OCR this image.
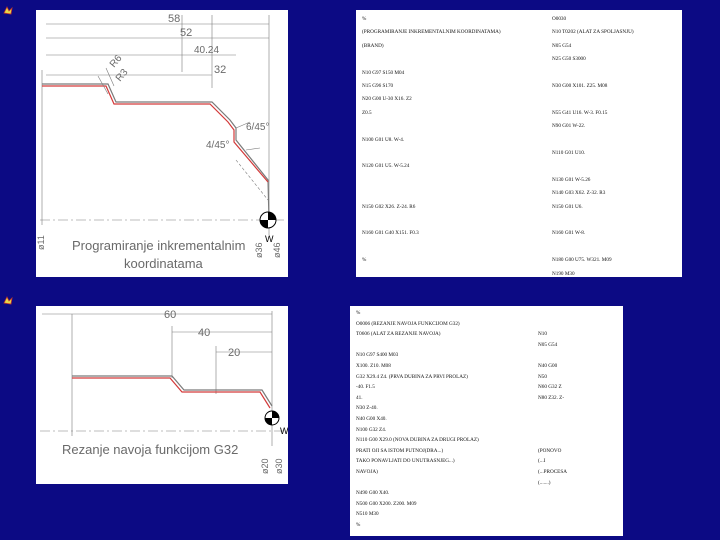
58
52
40.24
32
R6
R3
6/45°
4/45°
ø11	ø36 ø46
W
Programiranje inkrementalnim
koordinatama
%
(PROGRAMIRANJE INKREMENTALNIM KOORDINATAMA)
(BRAND)
N10 G97 S150 M04
N15 G96 S170
N20 G00 U-30 X16. Z2
Z0.5
N100 G01 U8. W-4.
N120 G01 U5. W-5.24
N150 G02 X26. Z-24. R6
N160 G01 G40 X151. F0.3
%
O0030
N10 T0202 (ALAT ZA SPOLJASNJU)
N05 G54
N25 G50 S3000
N30 G00 X101. Z25. M08
N55 G41 U16. W-3. F0.15
N90 G01 W-22.
N110 G01 U10.
N130 G01 W-5.26
N140 G03 X62. Z-32. R3
N150 G01 U6.
N160 G01 W-8.
N180 G00 U75. W321. M09
N190 M30
60
40
20
ø20 ø30
W
Rezanje navoja funkcijom G32
%
O0006 (REZANJE NAVOJA FUNKCIJOM G32)
T0606 (ALAT ZA REZANJE NAVOJA)
N10 G97 S400 M03
X100. Z10. M08
G32 X29.4 Z4. (PRVA DUBINA ZA PRVI PROLAZ)
-40. F1.5
41.
N30 Z-40.
N40 G00 X40.
N100 G32 Z4.
N110 G00 X29.0 (NOVA DUBINA ZA DRUGI PROLAZ)
PRATI OJI SA ISTOM PUTNOJ(DRA...)
TAKO PONAVLJATI DO UNUTRASNJEG...)
NAVOJA)
N490 G00 X40.
N500 G00 X200. Z200. M09
N510 M30
%
N10
N05 G54
N40 G00
N50
N60 G32 Z
N80 Z32. Z-
(PONOVO
(...I
(...PROCESA
(.......)
